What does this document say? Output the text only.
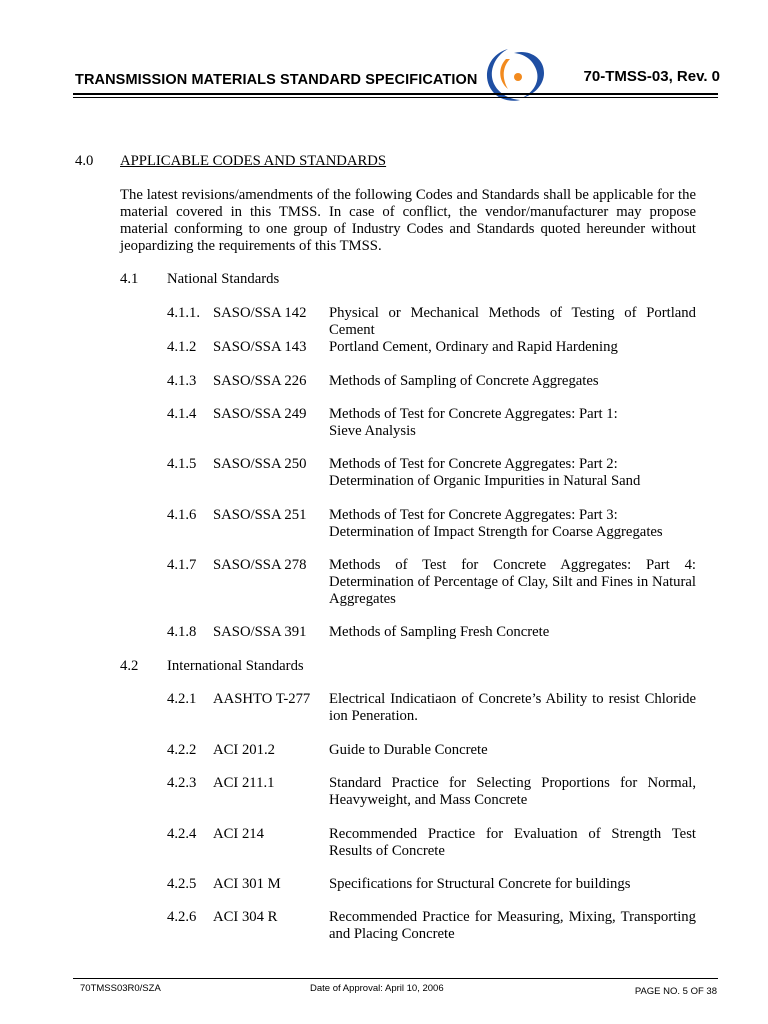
TRANSMISSION MATERIALS STANDARD SPECIFICATION	70-TMSS-03, Rev. 0
4.0 APPLICABLE CODES AND STANDARDS
The latest revisions/amendments of the following Codes and Standards shall be applicable for the material covered in this TMSS. In case of conflict, the vendor/manufacturer may propose material conforming to one group of Industry Codes and Standards quoted hereunder without jeopardizing the requirements of this TMSS.
4.1 National Standards
4.1.1. SASO/SSA 142 Physical or Mechanical Methods of Testing of Portland Cement
4.1.2 SASO/SSA 143 Portland Cement, Ordinary and Rapid Hardening
4.1.3 SASO/SSA 226 Methods of Sampling of Concrete Aggregates
4.1.4 SASO/SSA 249 Methods of Test for Concrete Aggregates: Part 1: Sieve Analysis
4.1.5 SASO/SSA 250 Methods of Test for Concrete Aggregates: Part 2: Determination of Organic Impurities in Natural Sand
4.1.6 SASO/SSA 251 Methods of Test for Concrete Aggregates: Part 3: Determination of Impact Strength for Coarse Aggregates
4.1.7 SASO/SSA 278 Methods of Test for Concrete Aggregates: Part 4: Determination of Percentage of Clay, Silt and Fines in Natural Aggregates
4.1.8 SASO/SSA 391 Methods of Sampling Fresh Concrete
4.2 International Standards
4.2.1 AASHTO T-277 Electrical Indicatiaon of Concrete’s Ability to resist Chloride ion Peneration.
4.2.2 ACI 201.2	Guide to Durable Concrete
4.2.3 ACI 211.1	Standard Practice for Selecting Proportions for Normal, Heavyweight, and Mass Concrete
4.2.4 ACI 214	Recommended Practice for Evaluation of Strength Test Results of Concrete
4.2.5 ACI 301 M	Specifications for Structural Concrete for buildings
4.2.6 ACI 304 R	Recommended Practice for Measuring, Mixing, Transporting and Placing Concrete
70TMSS03R0/SZA	Date of Approval: April 10, 2006	PAGE NO. 5 OF 38
